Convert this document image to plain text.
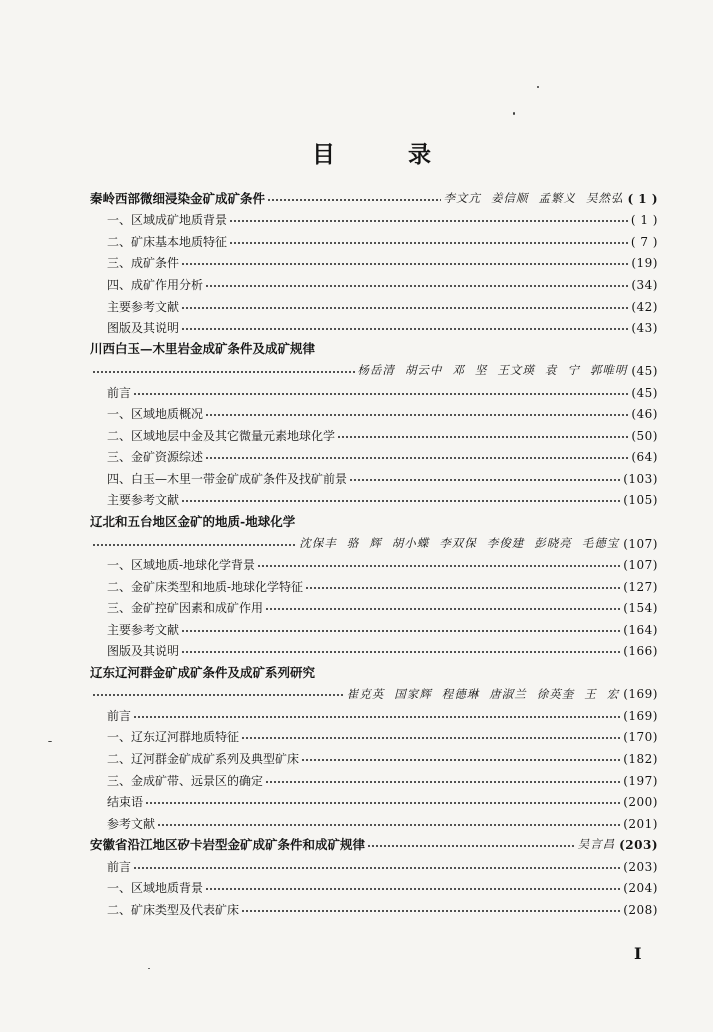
目	录
秦岭西部微细浸染金矿成矿条件	李文亢 姜信顺 孟繁义 吴然弘 ( 1 )
一、区域成矿地质背景	( 1 )
二、矿床基本地质特征	( 7 )
三、成矿条件	(19)
四、成矿作用分析	(34)
主要参考文献	(42)
图版及其说明	(43)
川西白玉—木里岩金成矿条件及成矿规律
杨岳清 胡云中 邓 坚 王文瑛 袁 宁 郭唯明 (45)
前言	(45)
一、区域地质概况	(46)
二、区域地层中金及其它微量元素地球化学	(50)
三、金矿资源综述	(64)
四、白玉—木里一带金矿成矿条件及找矿前景	(103)
主要参考文献	(105)
辽北和五台地区金矿的地质-地球化学
沈保丰 骆 辉 胡小蝶 李双保 李俊建 彭晓亮 毛德宝 (107)
一、区域地质-地球化学背景	(107)
二、金矿床类型和地质-地球化学特征	(127)
三、金矿控矿因素和成矿作用	(154)
主要参考文献	(164)
图版及其说明	(166)
辽东辽河群金矿成矿条件及成矿系列研究
崔克英 国家辉 程德琳 唐淑兰 徐英奎 王 宏 (169)
前言	(169)
一、辽东辽河群地质特征	(170)
二、辽河群金矿成矿系列及典型矿床	(182)
三、金成矿带、远景区的确定	(197)
结束语	(200)
参考文献	(201)
安徽省沿江地区矽卡岩型金矿成矿条件和成矿规律	吴言昌 (203)
前言	(203)
一、区域地质背景	(204)
二、矿床类型及代表矿床	(208)
I
